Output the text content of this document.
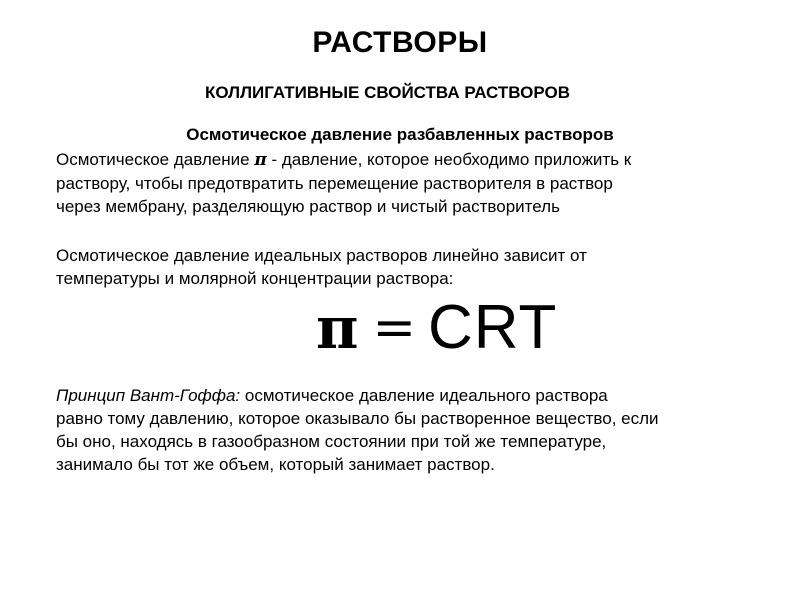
РАСТВОРЫ
КОЛЛИГАТИВНЫЕ СВОЙСТВА РАСТВОРОВ
Осмотическое давление разбавленных растворов

Осмотическое давление π - давление, которое необходимо приложить к
раствору, чтобы предотвратить перемещение растворителя в раствор
через мембрану, разделяющую раствор и чистый растворитель

Осмотическое давление идеальных растворов линейно зависит от
температуры и молярной концентрации раствора:

π = CRT

Принцип Вант-Гоффа: осмотическое давление идеального раствора
равно тому давлению, которое оказывало бы растворенное вещество, если
бы оно, находясь в газообразном состоянии при той же температуре,
занимало бы тот же объем, который занимает раствор.
